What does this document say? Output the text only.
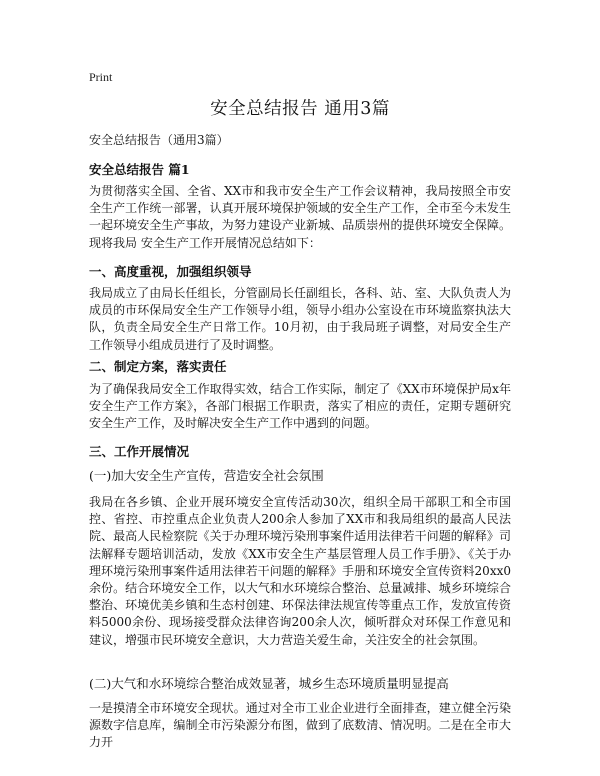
Print
安全总结报告 通用3篇
安全总结报告（通用3篇）
安全总结报告 篇1
为贯彻落实全国、全省、XX市和我市安全生产工作会议精神，我局按照全市安全生产工作统一部署，认真开展环境保护领域的安全生产工作，全市至今未发生一起环境安全生产事故，为努力建设产业新城、品质崇州的提供环境安全保障。现将我局 安全生产工作开展情况总结如下：
一、高度重视，加强组织领导
我局成立了由局长任组长，分管副局长任副组长，各科、站、室、大队负责人为成员的市环保局安全生产工作领导小组，领导小组办公室设在市环境监察执法大队，负责全局安全生产日常工作。10月初，由于我局班子调整，对局安全生产工作领导小组成员进行了及时调整。
二、制定方案，落实责任
为了确保我局安全工作取得实效，结合工作实际，制定了《XX市环境保护局x年安全生产工作方案》，各部门根据工作职责，落实了相应的责任，定期专题研究安全生产工作，及时解决安全生产工作中遇到的问题。
三、工作开展情况
(一)加大安全生产宣传，营造安全社会氛围
我局在各乡镇、企业开展环境安全宣传活动30次，组织全局干部职工和全市国控、省控、市控重点企业负责人200余人参加了XX市和我局组织的最高人民法院、最高人民检察院《关于办理环境污染刑事案件适用法律若干问题的解释》司法解释专题培训活动，发放《XX市安全生产基层管理人员工作手册》、《关于办理环境污染刑事案件适用法律若干问题的解释》手册和环境安全宣传资料20xx0余份。结合环境安全工作，以大气和水环境综合整治、总量减排、城乡环境综合整治、环境优美乡镇和生态村创建、环保法律法规宣传等重点工作，发放宣传资料5000余份、现场接受群众法律咨询200余人次，倾听群众对环保工作意见和建议，增强市民环境安全意识，大力营造关爱生命，关注安全的社会氛围。
(二)大气和水环境综合整治成效显著，城乡生态环境质量明显提高
一是摸清全市环境安全现状。通过对全市工业企业进行全面排查，建立健全污染源数字信息库，编制全市污染源分布图，做到了底数清、情况明。二是在全市大力开
